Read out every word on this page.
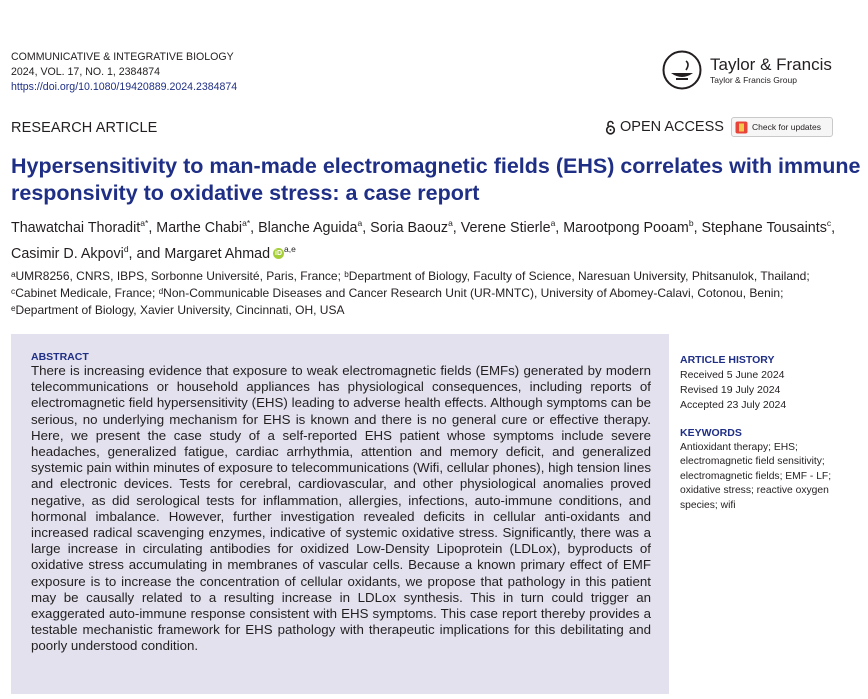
COMMUNICATIVE & INTEGRATIVE BIOLOGY
2024, VOL. 17, NO. 1, 2384874
https://doi.org/10.1080/19420889.2024.2384874
Taylor & Francis
Taylor & Francis Group
RESEARCH ARTICLE	OPEN ACCESS	Check for updates
Hypersensitivity to man-made electromagnetic fields (EHS) correlates with immune responsivity to oxidative stress: a case report
Thawatchai Thoradit$^{a*}$, Marthe Chabi$^{a*}$, Blanche Aguida$^a$, Soria Baouz$^a$, Verene Stierle$^a$, Marootpong Pooam$^b$, Stephane Tousaints$^c$, Casimir D. Akpovi$^d$, and Margaret Ahmad iD $^{a,e}$
ᵃUMR8256, CNRS, IBPS, Sorbonne Université, Paris, France; ᵇDepartment of Biology, Faculty of Science, Naresuan University, Phitsanulok, Thailand; ᶜCabinet Medicale, France; ᵈNon-Communicable Diseases and Cancer Research Unit (UR-MNTC), University of Abomey-Calavi, Cotonou, Benin; ᵉDepartment of Biology, Xavier University, Cincinnati, OH, USA
ABSTRACT

There is increasing evidence that exposure to weak electromagnetic fields (EMFs) generated by modern telecommunications or household appliances has physiological consequences, including reports of electromagnetic field hypersensitivity (EHS) leading to adverse health effects. Although symptoms can be serious, no underlying mechanism for EHS is known and there is no general cure or effective therapy. Here, we present the case study of a self-reported EHS patient whose symptoms include severe headaches, generalized fatigue, cardiac arrhythmia, attention and memory deficit, and generalized systemic pain within minutes of exposure to telecommunications (Wifi, cellular phones), high tension lines and electronic devices. Tests for cerebral, cardiovascular, and other physiological anomalies proved negative, as did serological tests for inflammation, allergies, infections, auto-immune conditions, and hormonal imbalance. However, further investigation revealed deficits in cellular anti-oxidants and increased radical scavenging enzymes, indicative of systemic oxidative stress. Significantly, there was a large increase in circulating antibodies for oxidized Low-Density Lipoprotein (LDLox), byproducts of oxidative stress accumulating in membranes of vascular cells. Because a known primary effect of EMF exposure is to increase the concentration of cellular oxidants, we propose that pathology in this patient may be causally related to a resulting increase in LDLox synthesis. This in turn could trigger an exaggerated auto-immune response consistent with EHS symptoms. This case report thereby provides a testable mechanistic framework for EHS pathology with therapeutic implications for this debilitating and poorly understood condition.

ARTICLE HISTORY
Received 5 June 2024
Revised 19 July 2024
Accepted 23 July 2024
KEYWORDS
Antioxidant therapy; EHS; electromagnetic field sensitivity; electromagnetic fields; EMF - LF; oxidative stress; reactive oxygen species; wifi
